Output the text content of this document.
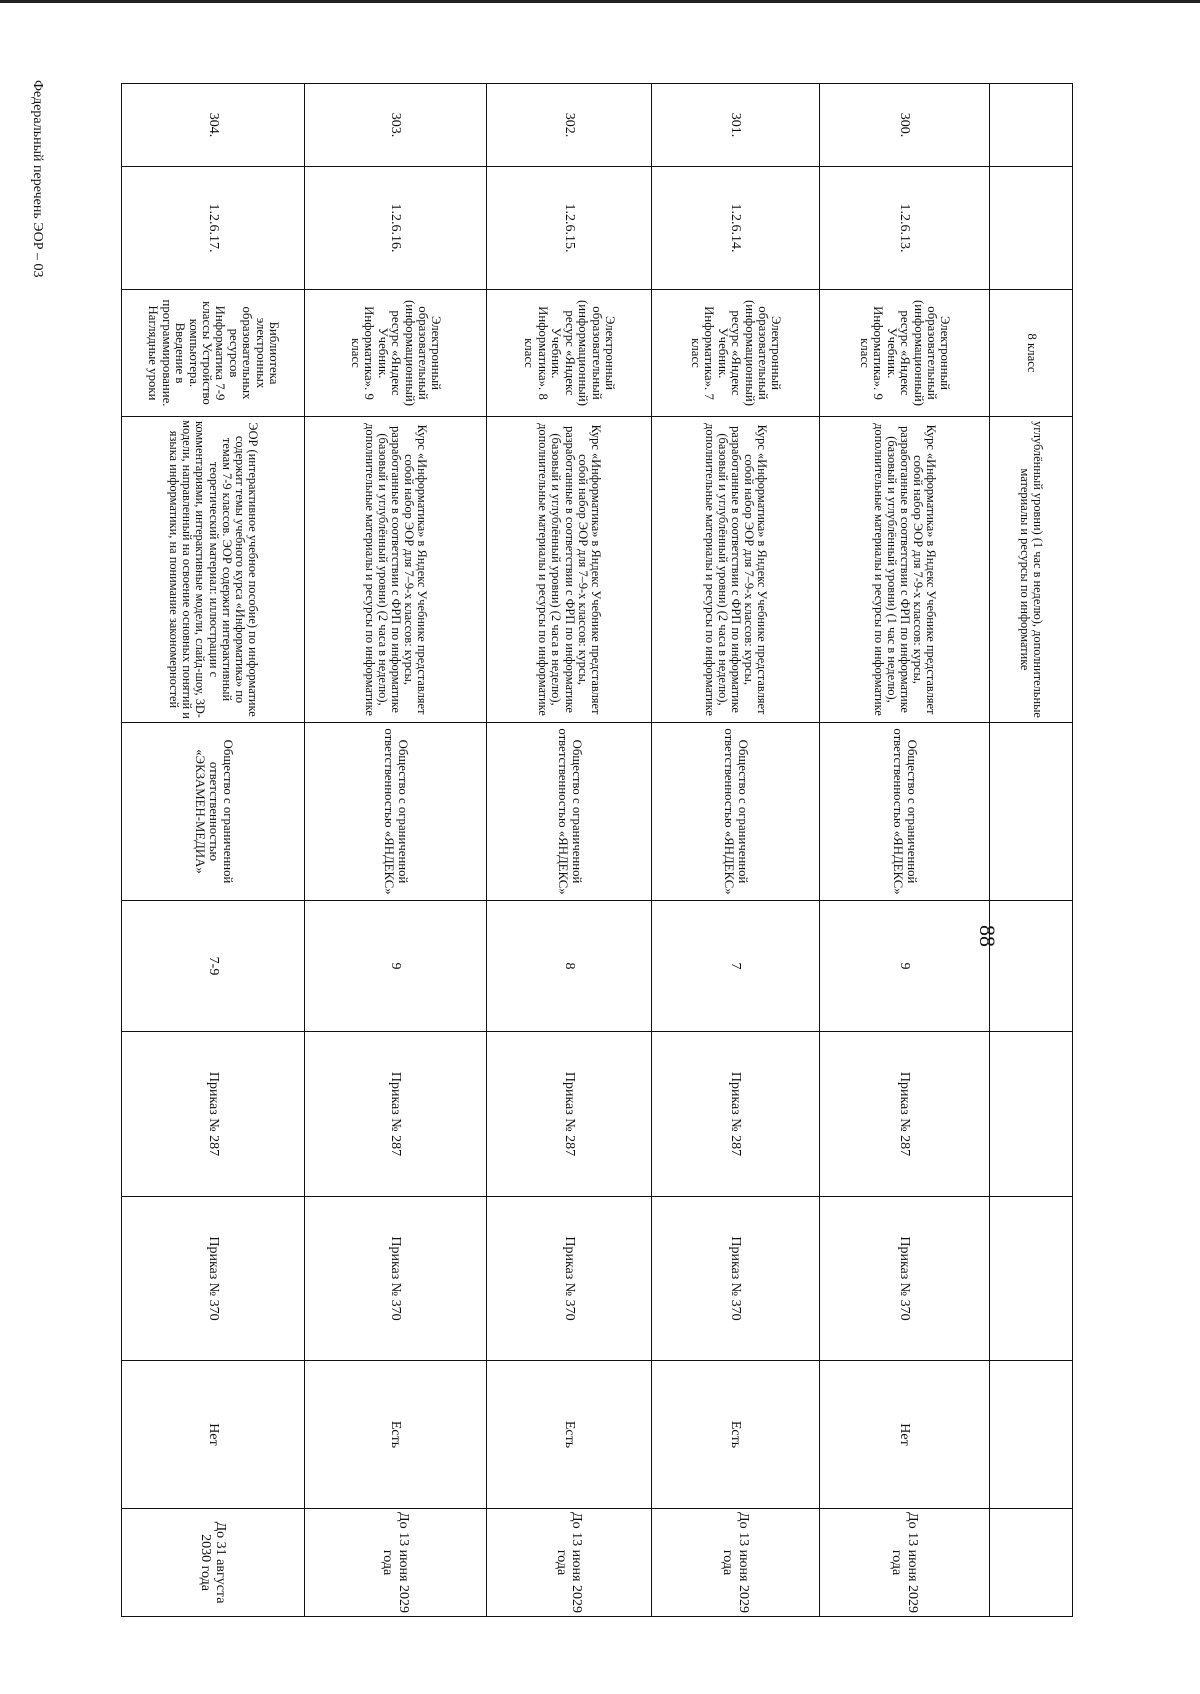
88
Федеральный перечень ЭОР – 03
		8 класс	углублённый уровни) (1 час в неделю), дополнительные материалы и ресурсы по информатике						
300.	1.2.6.13.	Электронный образовательный (информационный) ресурс «Яндекс Учебник. Информатика». 9 класс	Курс «Информатика» в Яндекс Учебнике представляет собой набор ЭОР для 7-9-х классов: курсы, разработанные в соответствии с ФРП по информатике (базовый и углублённый уровни) (1 час в неделю), дополнительные материалы и ресурсы по информатике	Общество с ограниченной ответственностью «ЯНДЕКС»	9	Приказ № 287	Приказ № 370	Нет	До 13 июня 2029 года
301.	1.2.6.14.	Электронный образовательный (информационный) ресурс «Яндекс Учебник. Информатика». 7 класс	Курс «Информатика» в Яндекс Учебнике представляет собой набор ЭОР для 7–9-х классов: курсы, разработанные в соответствии с ФРП по информатике (базовый и углублённый уровни) (2 часа в неделю), дополнительные материалы и ресурсы по информатике	Общество с ограниченной ответственностью «ЯНДЕКС»	7	Приказ № 287	Приказ № 370	Есть	До 13 июня 2029 года
302.	1.2.6.15.	Электронный образовательный (информационный) ресурс «Яндекс Учебник. Информатика». 8 класс	Курс «Информатика» в Яндекс Учебнике представляет собой набор ЭОР для 7–9-х классов: курсы, разработанные в соответствии с ФРП по информатике (базовый и углублённый уровни) (2 часа в неделю), дополнительные материалы и ресурсы по информатике	Общество с ограниченной ответственностью «ЯНДЕКС»	8	Приказ № 287	Приказ № 370	Есть	До 13 июня 2029 года
303.	1.2.6.16.	Электронный образовательный (информационный) ресурс «Яндекс Учебник. Информатика». 9 класс	Курс «Информатика» в Яндекс Учебнике представляет собой набор ЭОР для 7–9-х классов: курсы, разработанные в соответствии с ФРП по информатике (базовый и углублённый уровни) (2 часа в неделю), дополнительные материалы и ресурсы по информатике	Общество с ограниченной ответственностью «ЯНДЕКС»	9	Приказ № 287	Приказ № 370	Есть	До 13 июня 2029 года
304.	1.2.6.17.	Библиотека электронных образовательных ресурсов Информатика 7-9 классы Устройство компьютера. Введение в программирование. Наглядные уроки	ЭОР (интерактивное учебное пособие) по информатике содержит темы учебного курса «Информатика» по темам 7-9 классов. ЭОР содержит интерактивный теоретический материал: иллюстрации с комментариями, интерактивные модели, слайд-шоу, 3D-модели, направленный на освоение основных понятий и языка информатики, на понимание закономерностей	Общество с ограниченной ответственностью «ЭКЗАМЕН-МЕДИА»	7-9	Приказ № 287	Приказ № 370	Нет	До 31 августа 2030 года
